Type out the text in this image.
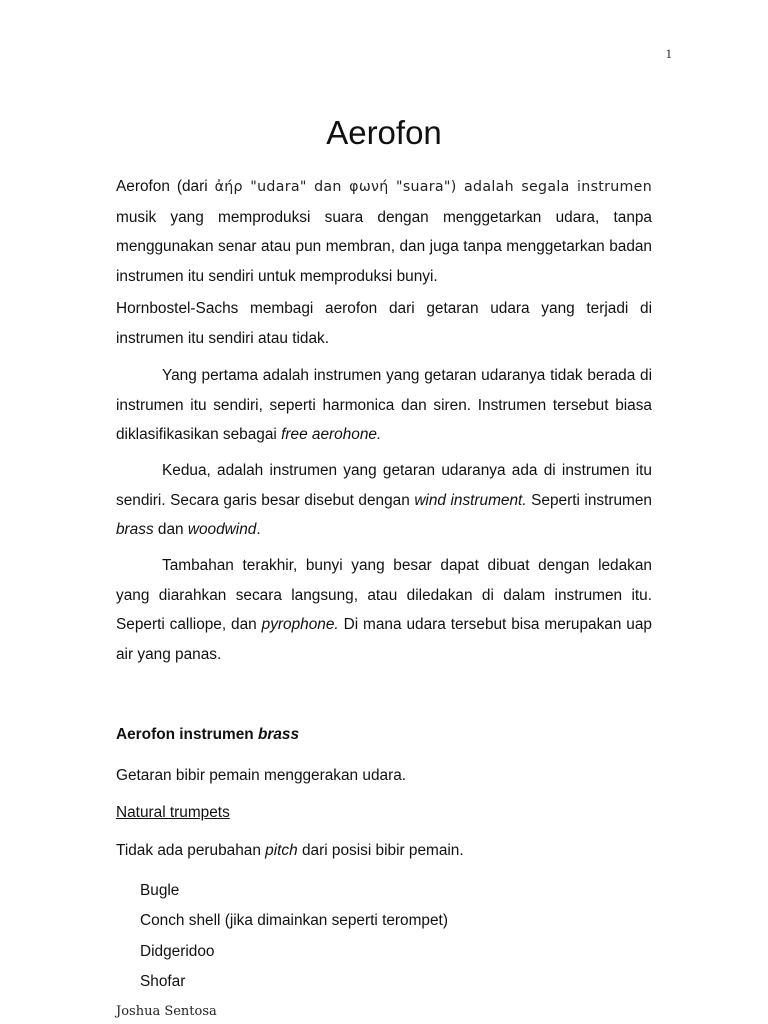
1
Aerofon

Aerofon (dari ἀήρ "udara" dan φωνή "suara") adalah segala instrumen musik yang memproduksi suara dengan menggetarkan udara, tanpa menggunakan senar atau pun membran, dan juga tanpa menggetarkan badan instrumen itu sendiri untuk memproduksi bunyi.

Hornbostel-Sachs membagi aerofon dari getaran udara yang terjadi di instrumen itu sendiri atau tidak.

Yang pertama adalah instrumen yang getaran udaranya tidak berada di instrumen itu sendiri, seperti harmonica dan siren. Instrumen tersebut biasa diklasifikasikan sebagai free aerohone.

Kedua, adalah instrumen yang getaran udaranya ada di instrumen itu sendiri. Secara garis besar disebut dengan wind instrument. Seperti instrumen brass dan woodwind.

Tambahan terakhir, bunyi yang besar dapat dibuat dengan ledakan yang diarahkan secara langsung, atau diledakan di dalam instrumen itu. Seperti calliope, dan pyrophone. Di mana udara tersebut bisa merupakan uap air yang panas.

Aerofon instrumen brass
Getaran bibir pemain menggerakan udara.
Natural trumpets
Tidak ada perubahan pitch dari posisi bibir pemain.
Bugle
Conch shell (jika dimainkan seperti terompet)
Didgeridoo
Shofar
Joshua Sentosa
